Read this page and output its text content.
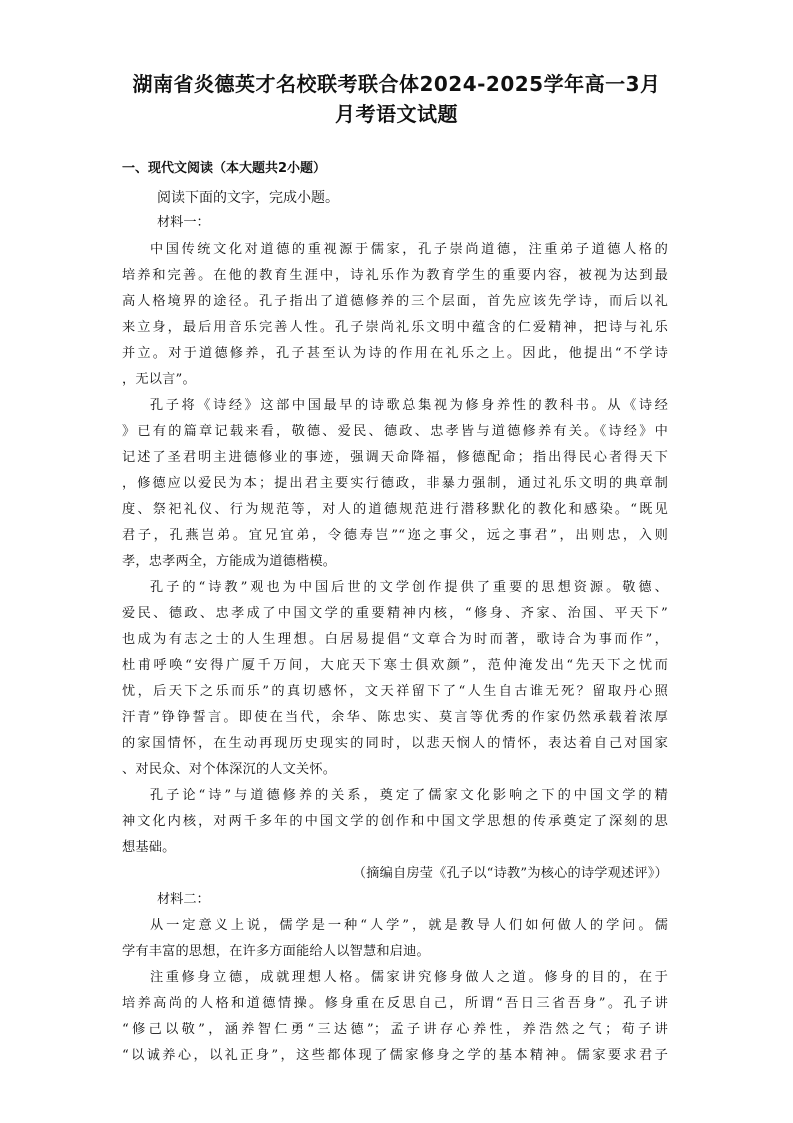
湖南省炎德英才名校联考联合体2024-2025学年高一3月
月考语文试题
一、现代文阅读（本大题共2小题）
阅读下面的文字，完成小题。
材料一：
中国传统文化对道德的重视源于儒家，孔子崇尚道德，注重弟子道德人格的
培养和完善。在他的教育生涯中，诗礼乐作为教育学生的重要内容，被视为达到最
高人格境界的途径。孔子指出了道德修养的三个层面，首先应该先学诗，而后以礼
来立身，最后用音乐完善人性。孔子崇尚礼乐文明中蕴含的仁爱精神，把诗与礼乐
并立。对于道德修养，孔子甚至认为诗的作用在礼乐之上。因此，他提出“不学诗
，无以言”。
孔子将《诗经》这部中国最早的诗歌总集视为修身养性的教科书。从《诗经
》已有的篇章记载来看，敬德、爱民、德政、忠孝皆与道德修养有关。《诗经》中
记述了圣君明主进德修业的事迹，强调天命降福，修德配命；指出得民心者得天下
，修德应以爱民为本；提出君主要实行德政，非暴力强制，通过礼乐文明的典章制
度、祭祀礼仪、行为规范等，对人的道德规范进行潜移默化的教化和感染。“既见
君子，孔燕岂弟。宜兄宜弟，令德寿岂”“迩之事父，远之事君”，出则忠，入则
孝，忠孝两全，方能成为道德楷模。
孔子的“诗教”观也为中国后世的文学创作提供了重要的思想资源。敬德、
爱民、德政、忠孝成了中国文学的重要精神内核，“修身、齐家、治国、平天下”
也成为有志之士的人生理想。白居易提倡“文章合为时而著，歌诗合为事而作”，
杜甫呼唤“安得广厦千万间，大庇天下寒士俱欢颜”，范仲淹发出“先天下之忧而
忧，后天下之乐而乐”的真切感怀，文天祥留下了“人生自古谁无死？留取丹心照
汗青”铮铮誓言。即使在当代，余华、陈忠实、莫言等优秀的作家仍然承载着浓厚
的家国情怀，在生动再现历史现实的同时，以悲天悯人的情怀，表达着自己对国家
、对民众、对个体深沉的人文关怀。
孔子论“诗”与道德修养的关系，奠定了儒家文化影响之下的中国文学的精
神文化内核，对两千多年的中国文学的创作和中国文学思想的传承奠定了深刻的思
想基础。
（摘编自房莹《孔子以“诗教”为核心的诗学观述评》）
材料二：
从一定意义上说，儒学是一种“人学”，就是教导人们如何做人的学问。儒
学有丰富的思想，在许多方面能给人以智慧和启迪。
注重修身立德，成就理想人格。儒家讲究修身做人之道。修身的目的，在于
培养高尚的人格和道德情操。修身重在反思自己，所谓“吾日三省吾身”。孔子讲
“修己以敬”，涵养智仁勇“三达德”；孟子讲存心养性，养浩然之气；荀子讲
“以诚养心，以礼正身”，这些都体现了儒家修身之学的基本精神。儒家要求君子
